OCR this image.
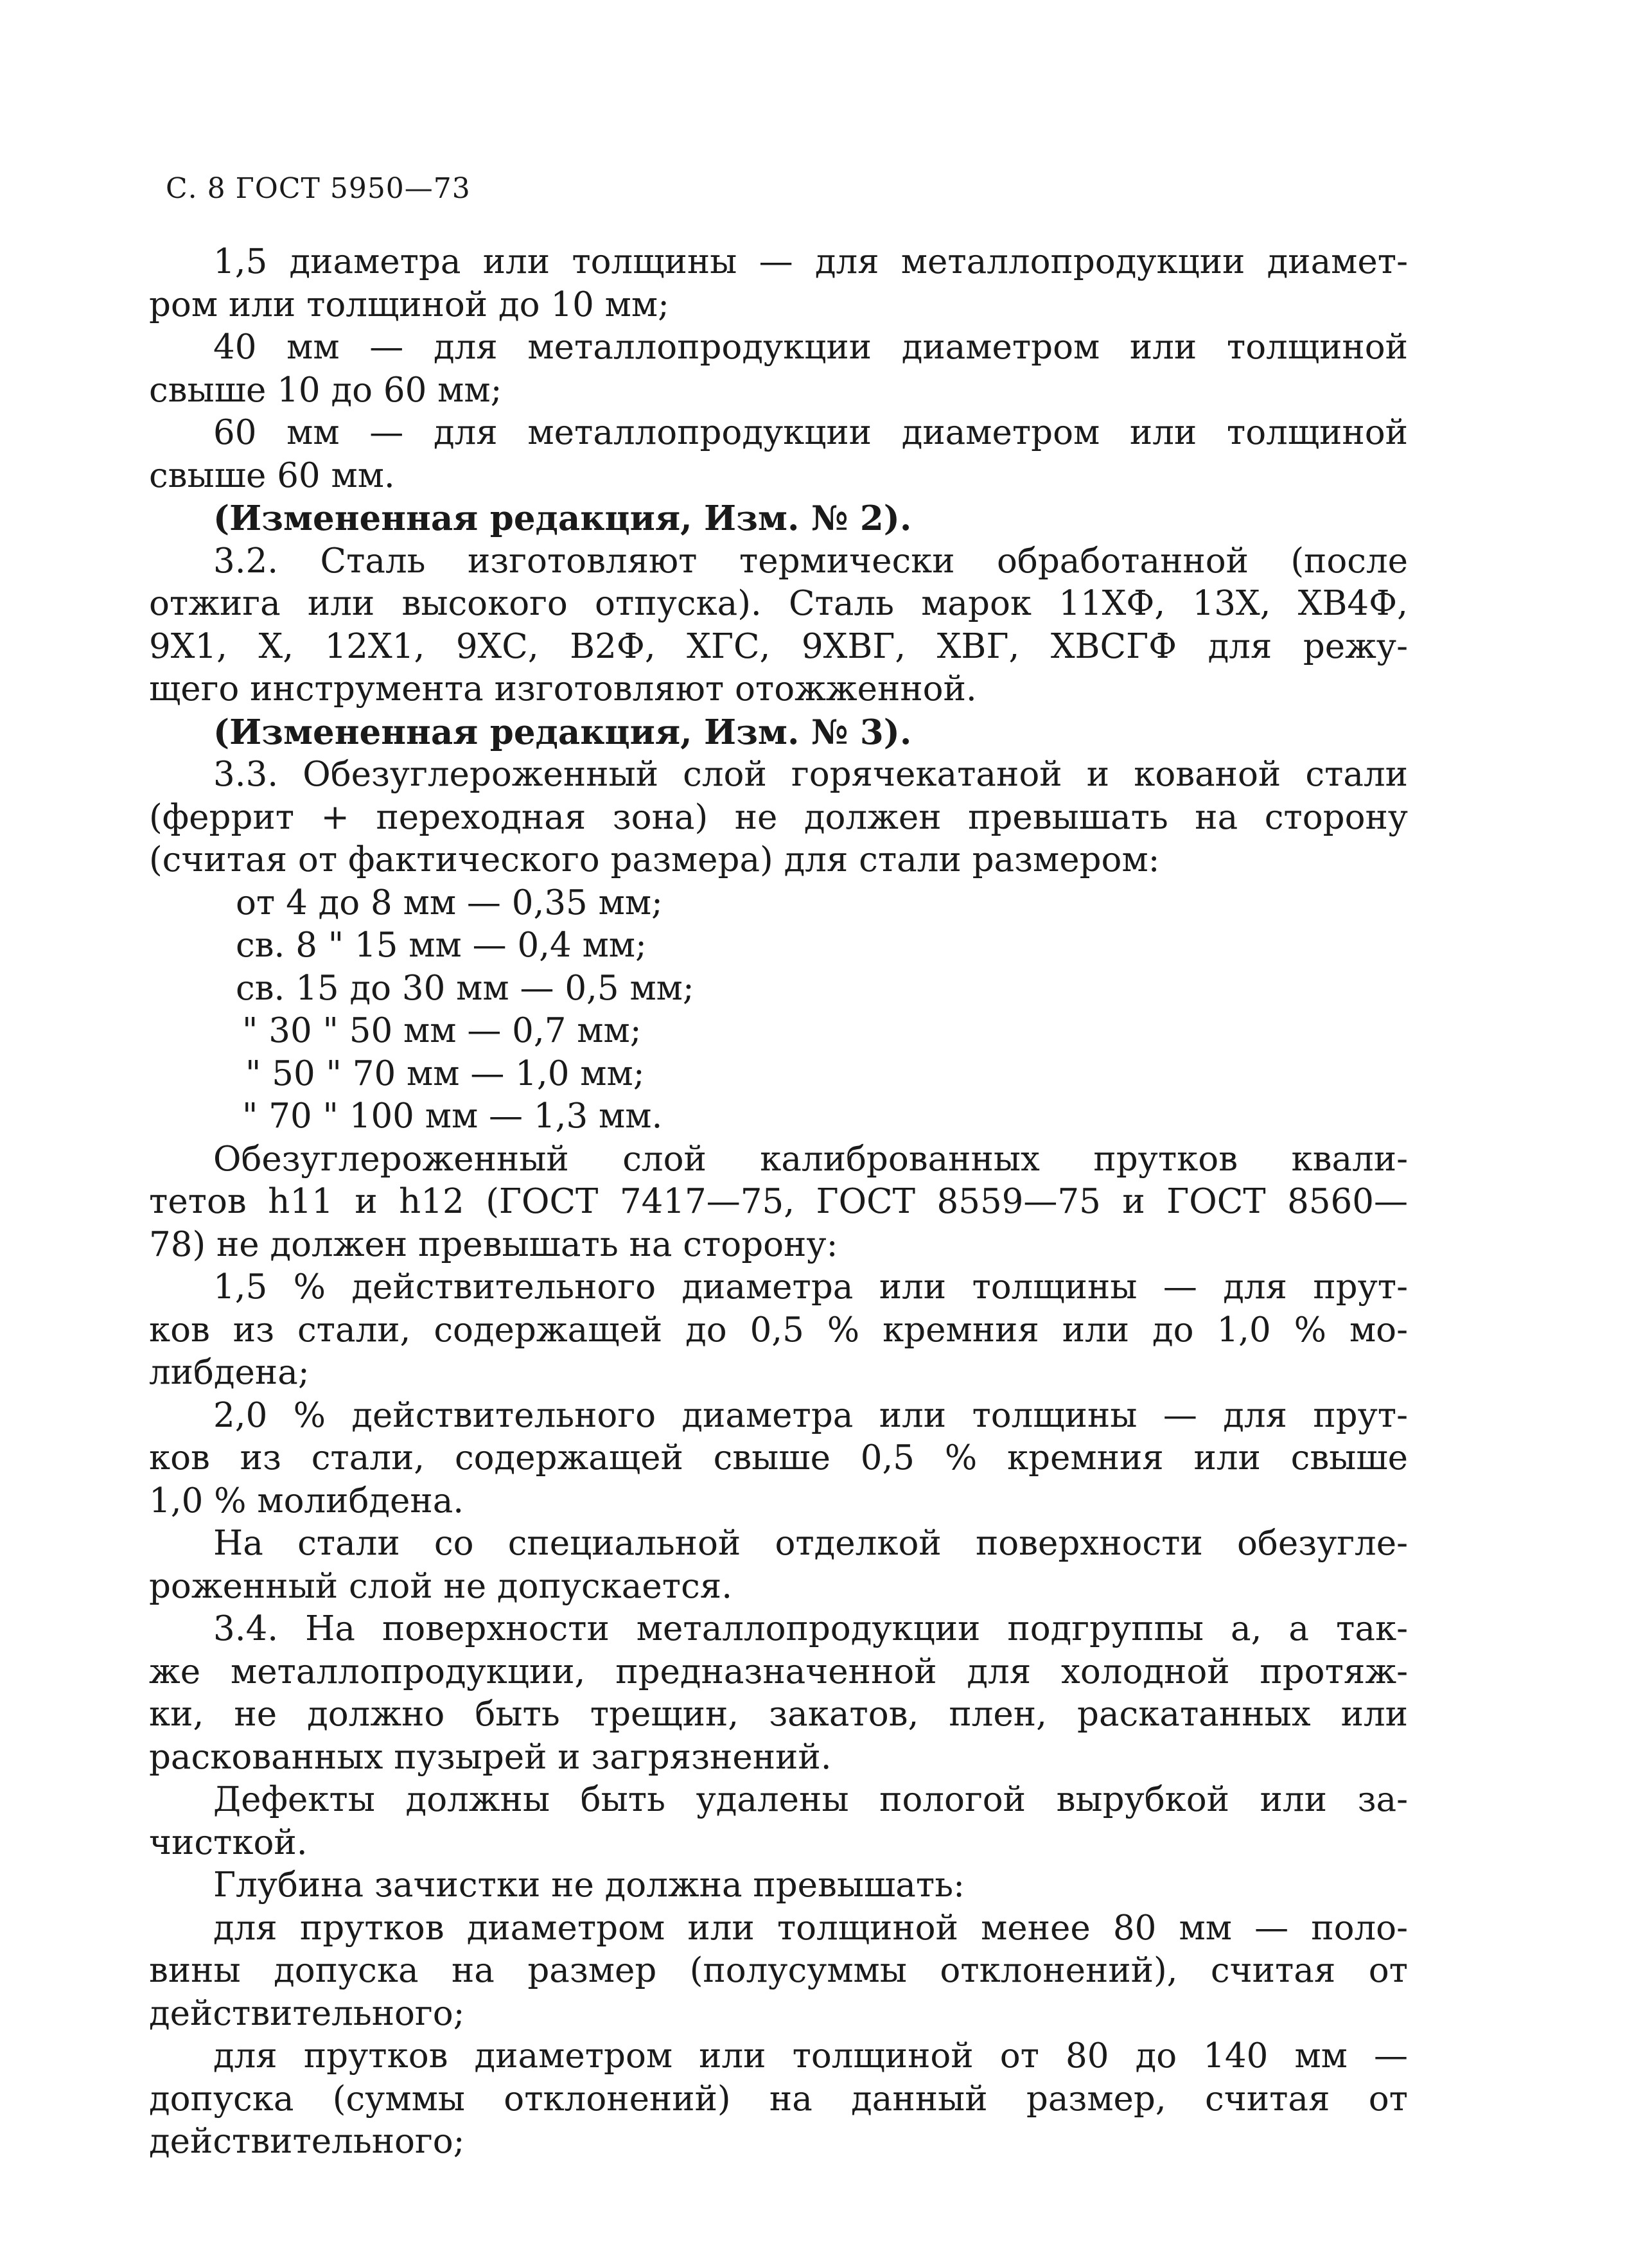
С. 8 ГОСТ 5950—73
1,5 диаметра или толщины — для металлопродукции диамет-
ром или толщиной до 10 мм;
40 мм — для металлопродукции диаметром или толщиной
свыше 10 до 60 мм;
60 мм — для металлопродукции диаметром или толщиной
свыше 60 мм.
(Измененная редакция, Изм. № 2).
3.2. Сталь изготовляют термически обработанной (после
отжига или высокого отпуска). Сталь марок 11ХФ, 13Х, ХВ4Ф,
9Х1, Х, 12Х1, 9ХС, В2Ф, ХГС, 9ХВГ, ХВГ, ХВСГФ для режу-
щего инструмента изготовляют отожженной.
(Измененная редакция, Изм. № 3).
3.3. Обезуглероженный слой горячекатаной и кованой стали
(феррит + переходная зона) не должен превышать на сторону
(считая от фактического размера) для стали размером:
от 4 до 8 мм — 0,35 мм;
св. 8 " 15 мм — 0,4 мм;
св. 15 до 30 мм — 0,5 мм;
" 30 " 50 мм — 0,7 мм;
" 50 " 70 мм — 1,0 мм;
" 70 " 100 мм — 1,3 мм.
Обезуглероженный слой калиброванных прутков квали-
тетов h11 и h12 (ГОСТ 7417—75, ГОСТ 8559—75 и ГОСТ 8560—
78) не должен превышать на сторону:
1,5 % действительного диаметра или толщины — для прут-
ков из стали, содержащей до 0,5 % кремния или до 1,0 % мо-
либдена;
2,0 % действительного диаметра или толщины — для прут-
ков из стали, содержащей свыше 0,5 % кремния или свыше
1,0 % молибдена.
На стали со специальной отделкой поверхности обезугле-
роженный слой не допускается.
3.4. На поверхности металлопродукции подгруппы а, а так-
же металлопродукции, предназначенной для холодной протяж-
ки, не должно быть трещин, закатов, плен, раскатанных или
раскованных пузырей и загрязнений.
Дефекты должны быть удалены пологой вырубкой или за-
чисткой.
Глубина зачистки не должна превышать:
для прутков диаметром или толщиной менее 80 мм — поло-
вины допуска на размер (полусуммы отклонений), считая от
действительного;
для прутков диаметром или толщиной от 80 до 140 мм —
допуска (суммы отклонений) на данный размер, считая от
действительного;
